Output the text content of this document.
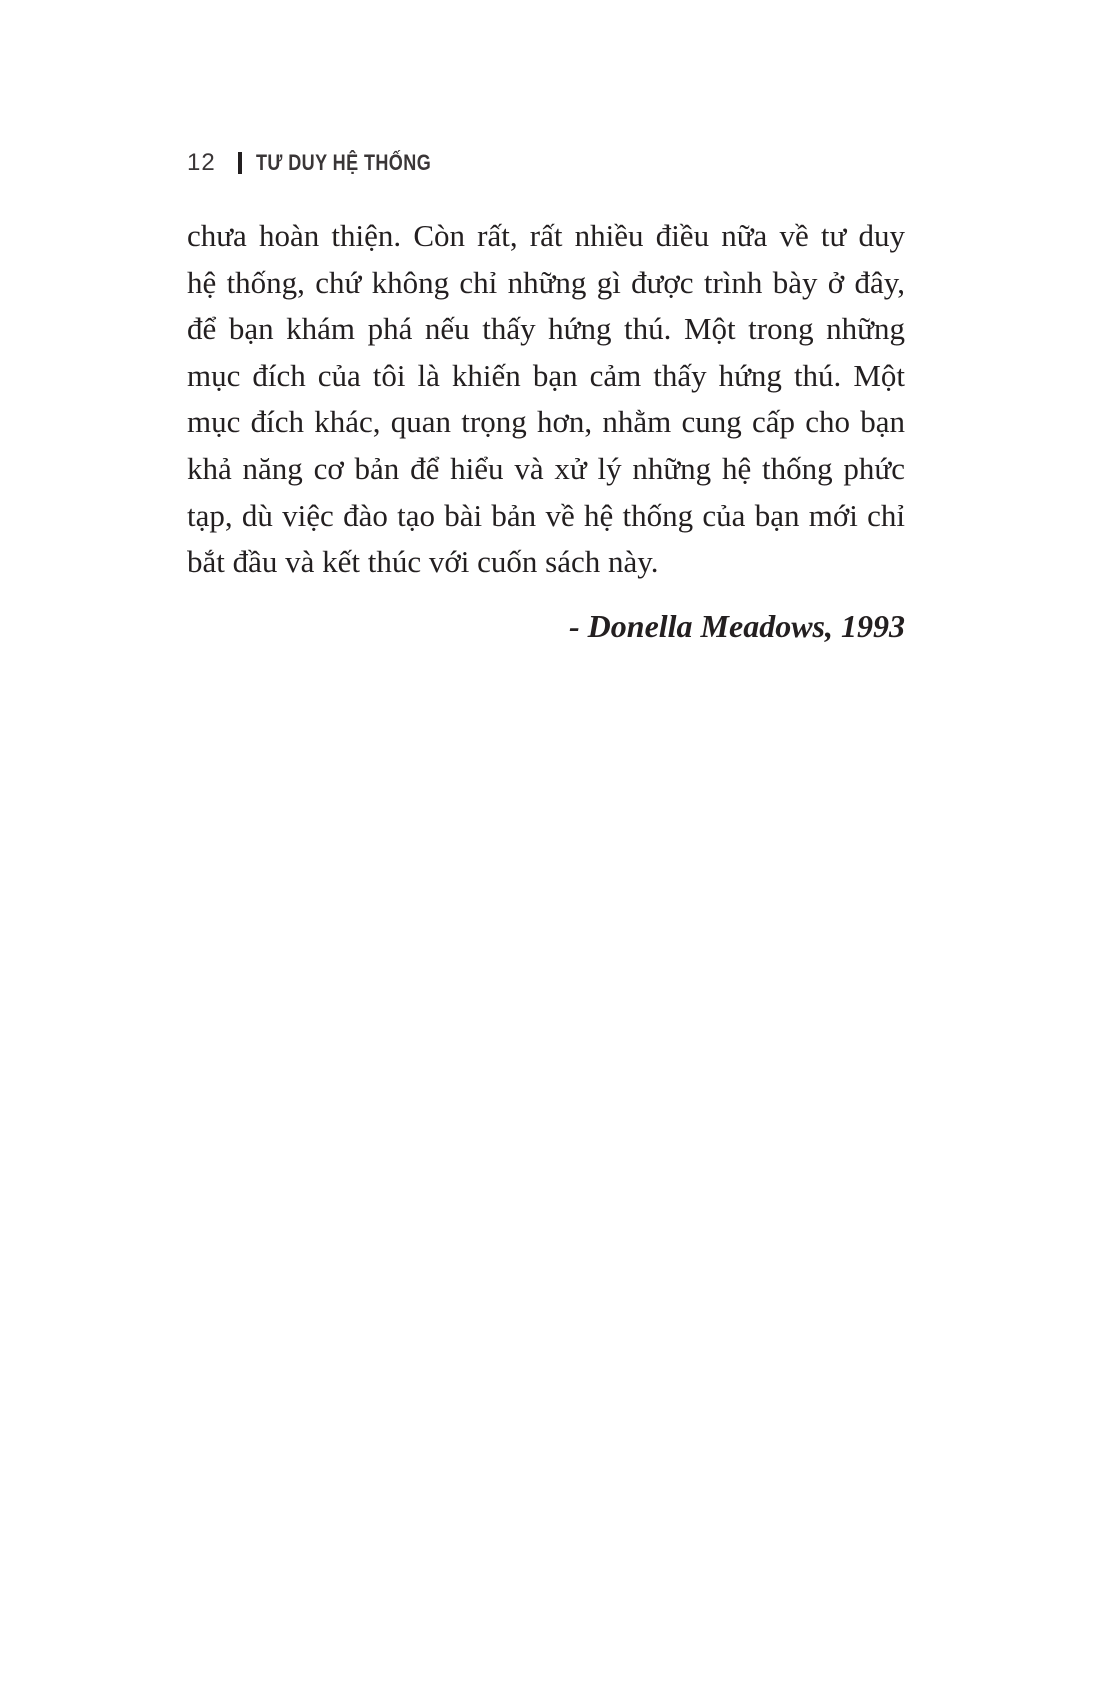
12 TƯ DUY HỆ THỐNG
chưa hoàn thiện. Còn rất, rất nhiều điều nữa về tư duy
hệ thống, chứ không chỉ những gì được trình bày ở đây,
để bạn khám phá nếu thấy hứng thú. Một trong những
mục đích của tôi là khiến bạn cảm thấy hứng thú. Một
mục đích khác, quan trọng hơn, nhằm cung cấp cho bạn
khả năng cơ bản để hiểu và xử lý những hệ thống phức
tạp, dù việc đào tạo bài bản về hệ thống của bạn mới chỉ
bắt đầu và kết thúc với cuốn sách này.
- Donella Meadows, 1993
